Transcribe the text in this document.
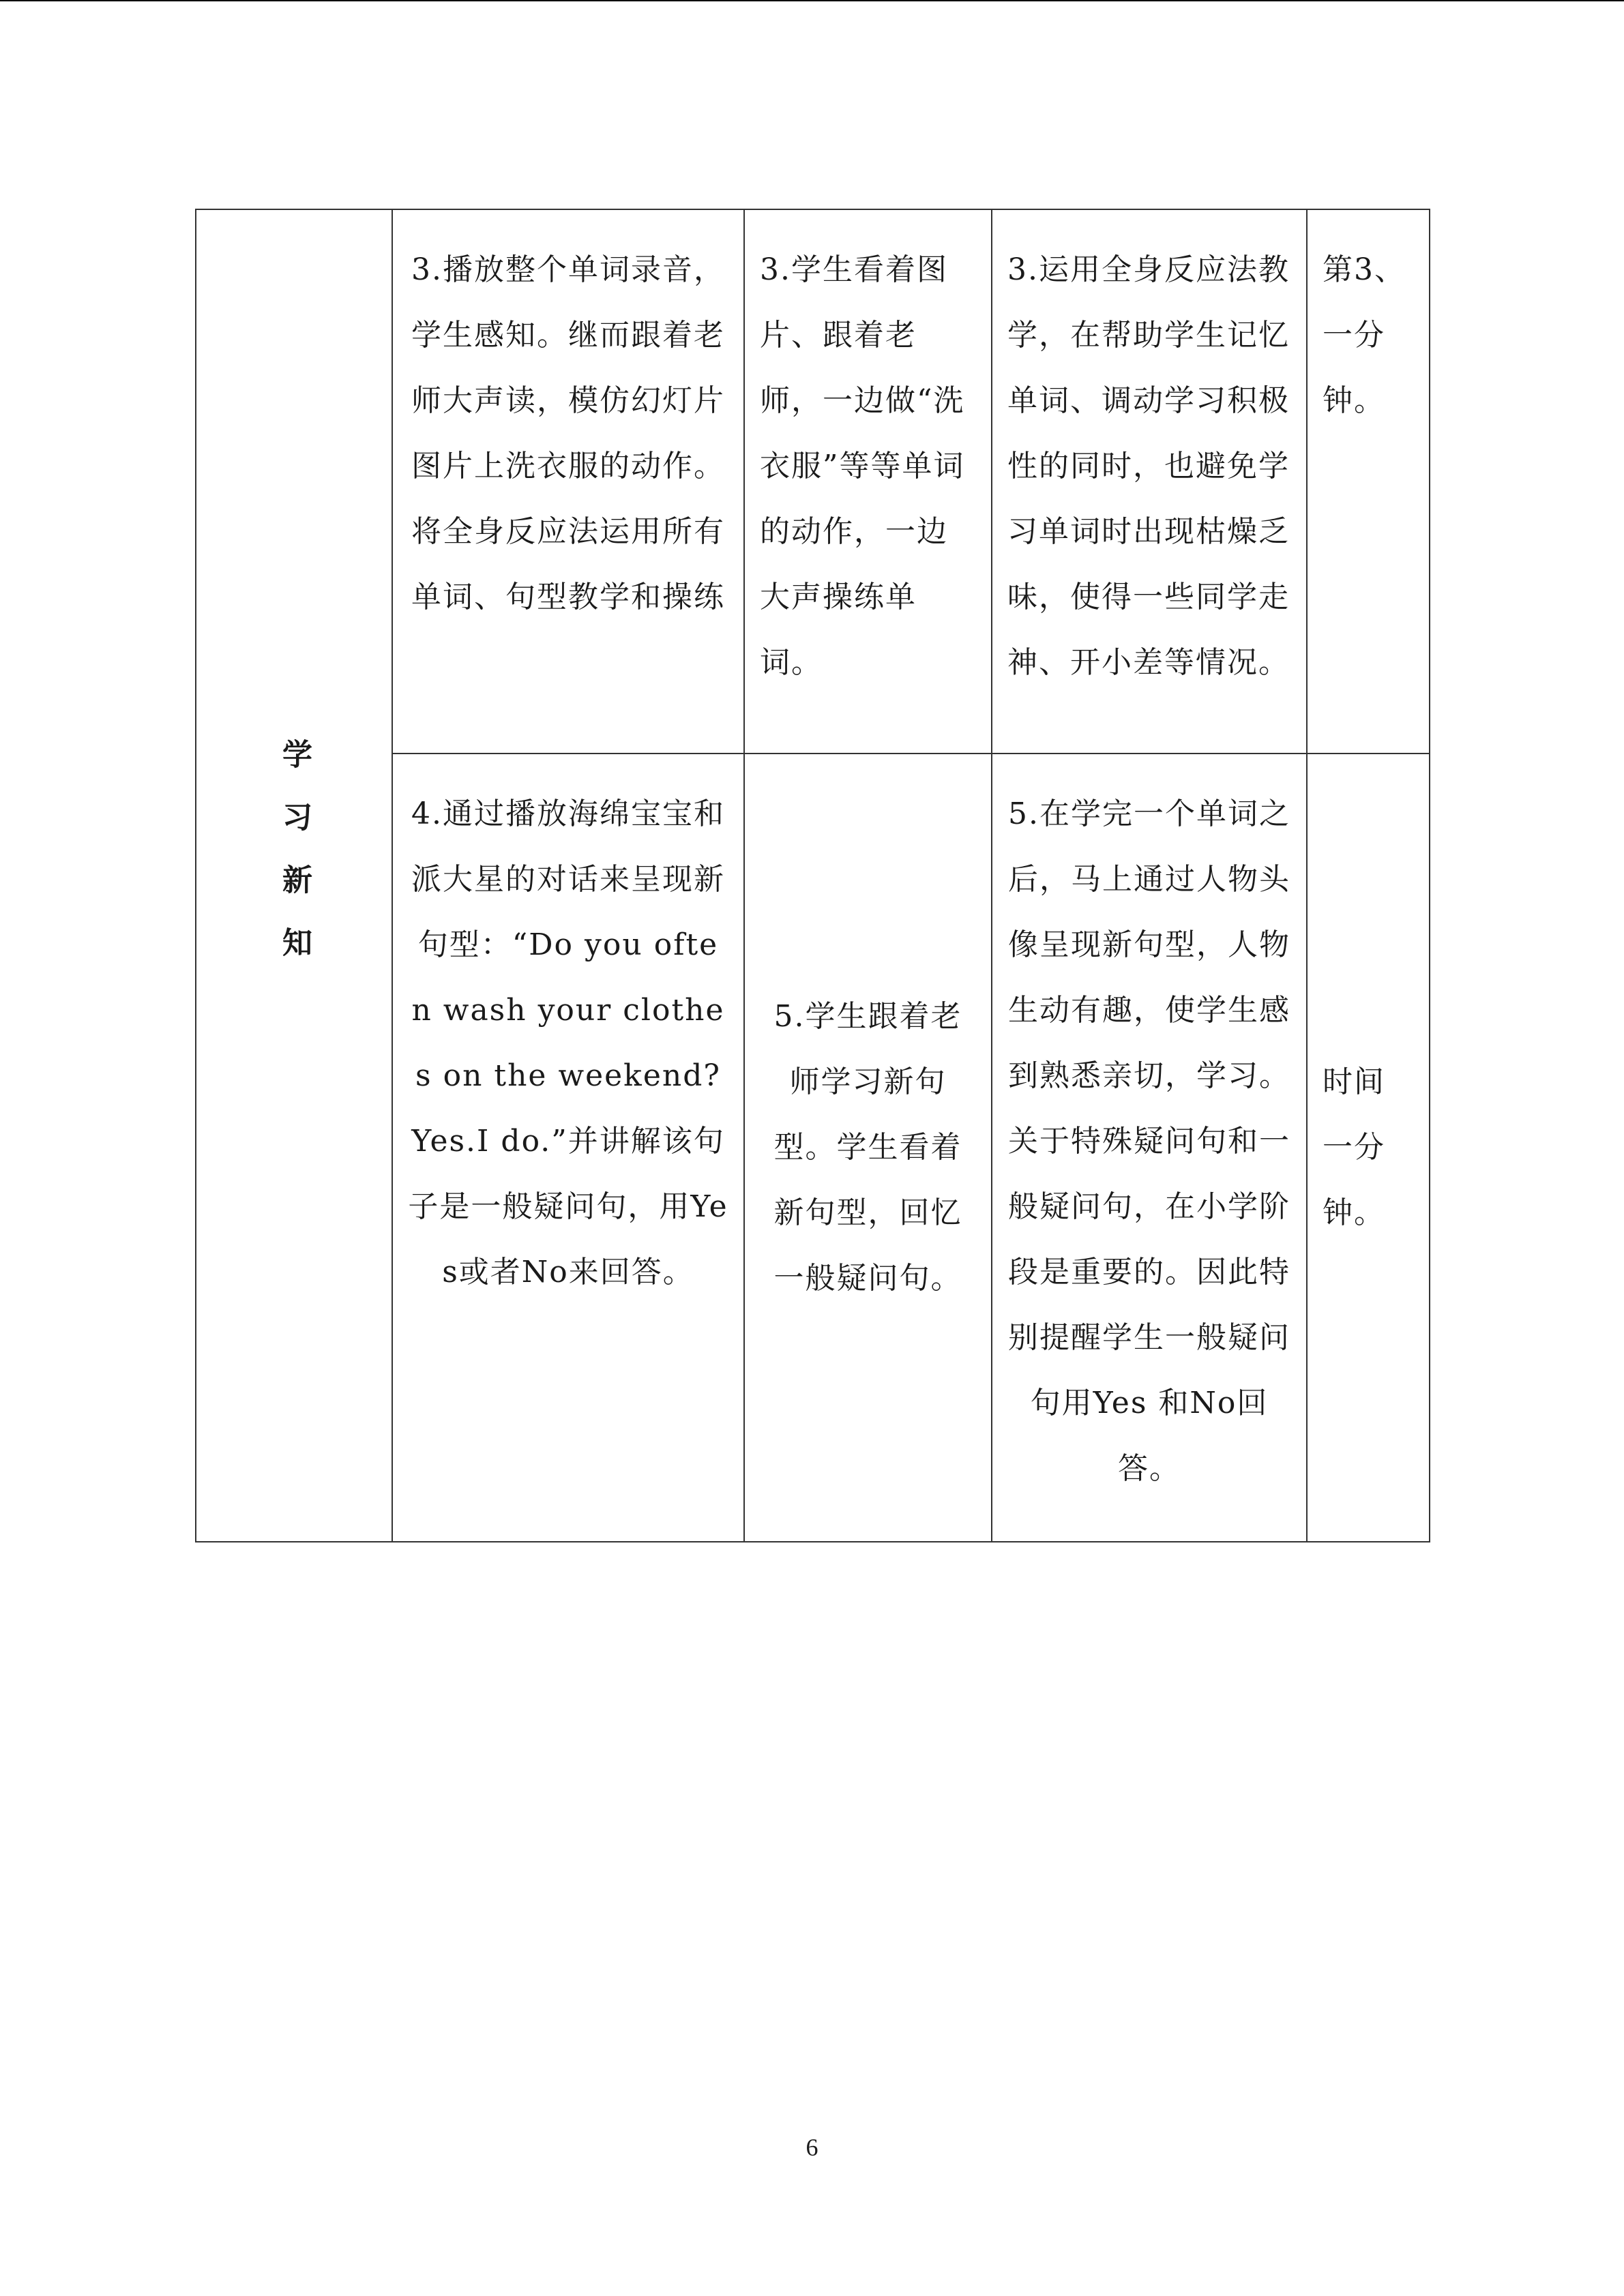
学习新知	3.播放整个单词录音，学生感知。继而跟着老师大声读，模仿幻灯片图片上洗衣服的动作。将全身反应法运用所有单词、句型教学和操练	3.学生看着图片、跟着老师，一边做“洗衣服”等等单词的动作，一边大声操练单词。	3.运用全身反应法教学，在帮助学生记忆单词、调动学习积极性的同时，也避免学习单词时出现枯燥乏味，使得一些同学走神、开小差等情况。	第3、一分钟。
	4.通过播放海绵宝宝和派大星的对话来呈现新句型：“Do you often wash your clothes on the weekend? Yes.I do.”并讲解该句子是一般疑问句，用Yes或者No来回答。	5.学生跟着老师学习新句型。学生看着新句型，回忆一般疑问句。	5.在学完一个单词之后，马上通过人物头像呈现新句型，人物生动有趣，使学生感到熟悉亲切，学习。关于特殊疑问句和一般疑问句，在小学阶段是重要的。因此特别提醒学生一般疑问句用Yes 和No回答。	时间一分钟。
6
